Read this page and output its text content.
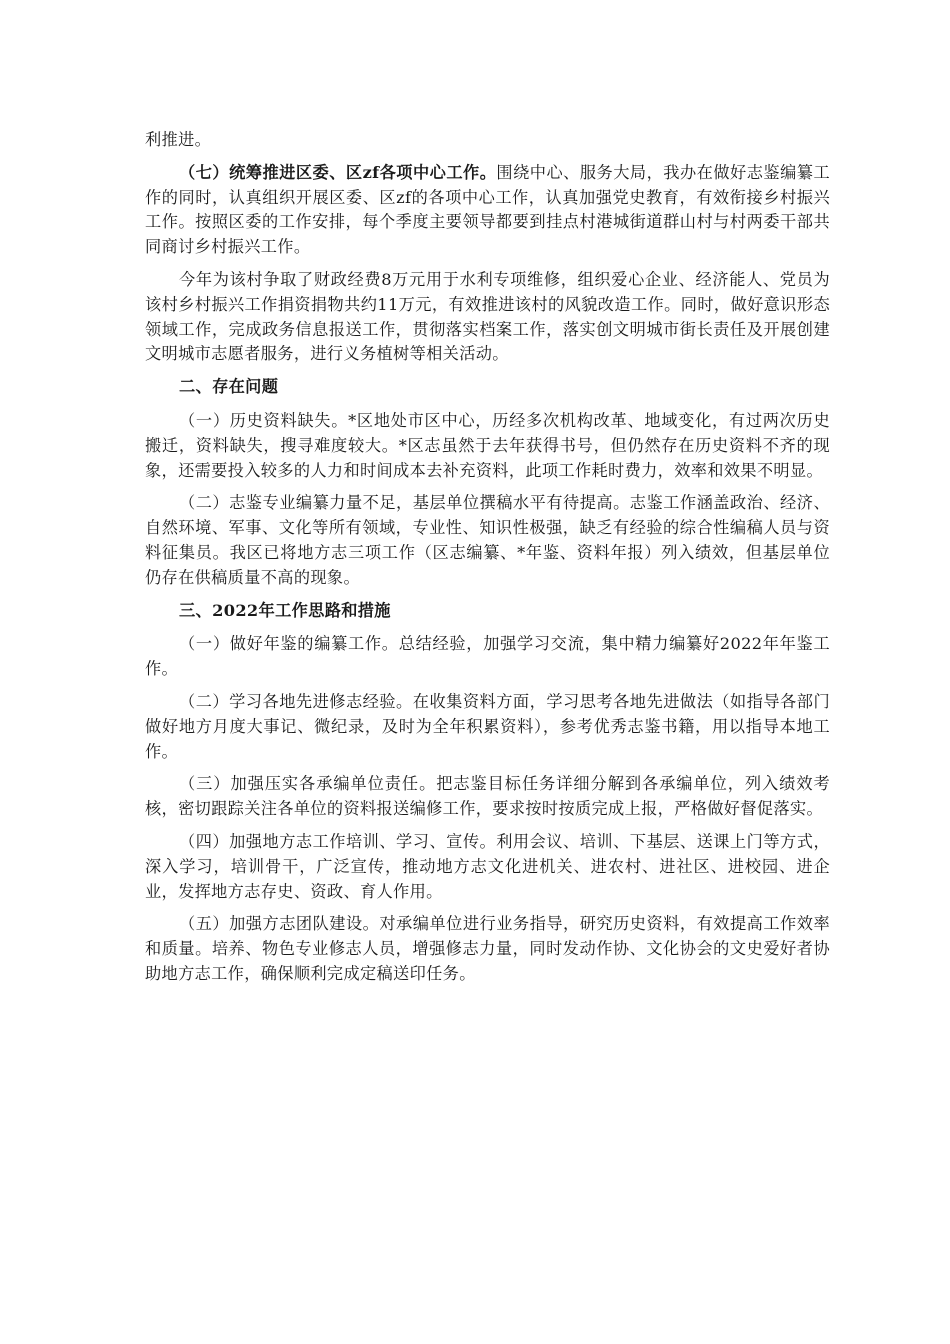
利推进。

（七）统筹推进区委、区zf各项中心工作。围绕中心、服务大局，我办在做好志鉴编纂工作的同时，认真组织开展区委、区zf的各项中心工作，认真加强党史教育，有效衔接乡村振兴工作。按照区委的工作安排，每个季度主要领导都要到挂点村港城街道群山村与村两委干部共同商讨乡村振兴工作。

今年为该村争取了财政经费8万元用于水利专项维修，组织爱心企业、经济能人、党员为该村乡村振兴工作捐资捐物共约11万元，有效推进该村的风貌改造工作。同时，做好意识形态领域工作，完成政务信息报送工作，贯彻落实档案工作，落实创文明城市街长责任及开展创建文明城市志愿者服务，进行义务植树等相关活动。

二、存在问题

（一）历史资料缺失。*区地处市区中心，历经多次机构改革、地域变化，有过两次历史搬迁，资料缺失，搜寻难度较大。*区志虽然于去年获得书号，但仍然存在历史资料不齐的现象，还需要投入较多的人力和时间成本去补充资料，此项工作耗时费力，效率和效果不明显。

（二）志鉴专业编纂力量不足，基层单位撰稿水平有待提高。志鉴工作涵盖政治、经济、自然环境、军事、文化等所有领域，专业性、知识性极强，缺乏有经验的综合性编稿人员与资料征集员。我区已将地方志三项工作（区志编纂、*年鉴、资料年报）列入绩效，但基层单位仍存在供稿质量不高的现象。

三、2022年工作思路和措施

（一）做好年鉴的编纂工作。总结经验，加强学习交流，集中精力编纂好2022年年鉴工作。

（二）学习各地先进修志经验。在收集资料方面，学习思考各地先进做法（如指导各部门做好地方月度大事记、微纪录，及时为全年积累资料），参考优秀志鉴书籍，用以指导本地工作。

（三）加强压实各承编单位责任。把志鉴目标任务详细分解到各承编单位，列入绩效考核，密切跟踪关注各单位的资料报送编修工作，要求按时按质完成上报，严格做好督促落实。

（四）加强地方志工作培训、学习、宣传。利用会议、培训、下基层、送课上门等方式，深入学习，培训骨干，广泛宣传，推动地方志文化进机关、进农村、进社区、进校园、进企业，发挥地方志存史、资政、育人作用。

（五）加强方志团队建设。对承编单位进行业务指导，研究历史资料，有效提高工作效率和质量。培养、物色专业修志人员，增强修志力量，同时发动作协、文化协会的文史爱好者协助地方志工作，确保顺利完成定稿送印任务。
